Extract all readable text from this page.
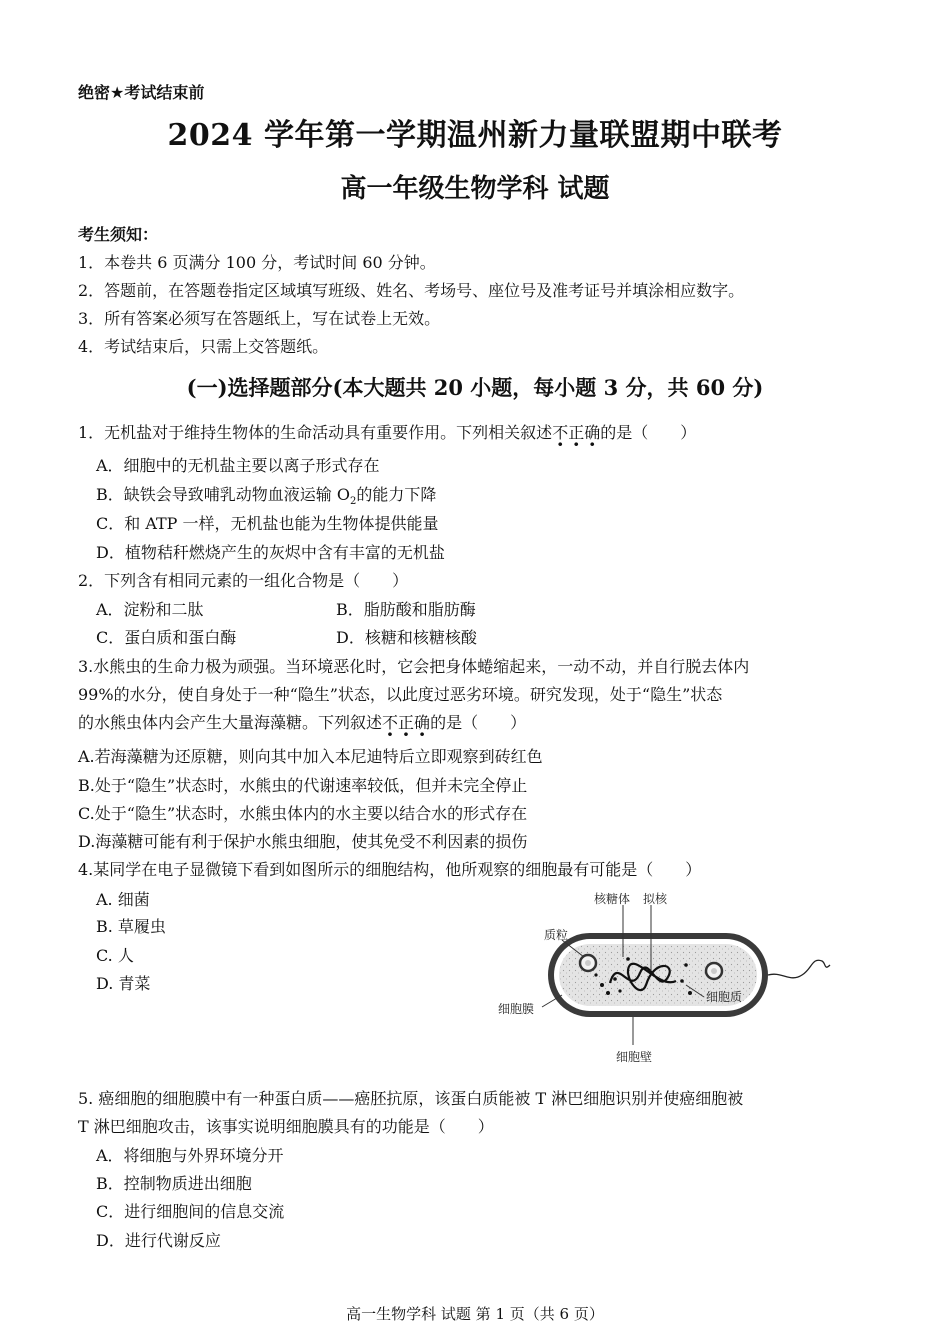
绝密★考试结束前
2024 学年第一学期温州新力量联盟期中联考
高一年级生物学科 试题
考生须知：
1．本卷共 6 页满分 100 分，考试时间 60 分钟。
2．答题前，在答题卷指定区域填写班级、姓名、考场号、座位号及准考证号并填涂相应数字。
3．所有答案必须写在答题纸上，写在试卷上无效。
4．考试结束后，只需上交答题纸。
(一)选择题部分(本大题共 20 小题，每小题 3 分，共 60 分)
1．无机盐对于维持生物体的生命活动具有重要作用。下列相关叙述不正确的是（　　）
A．细胞中的无机盐主要以离子形式存在
B．缺铁会导致哺乳动物血液运输 $O_2$的能力下降
C．和 ATP 一样，无机盐也能为生物体提供能量
D．植物秸秆燃烧产生的灰烬中含有丰富的无机盐
2．下列含有相同元素的一组化合物是（　　）
A．淀粉和二肽	B．脂肪酸和脂肪酶
C．蛋白质和蛋白酶	D．核糖和核糖核酸
3.水熊虫的生命力极为顽强。当环境恶化时，它会把身体蜷缩起来，一动不动，并自行脱去体内
99%的水分，使自身处于一种“隐生”状态，以此度过恶劣环境。研究发现，处于“隐生”状态
的水熊虫体内会产生大量海藻糖。下列叙述不正确的是（　　）
A.若海藻糖为还原糖，则向其中加入本尼迪特后立即观察到砖红色
B.处于“隐生”状态时，水熊虫的代谢速率较低，但并未完全停止
C.处于“隐生”状态时，水熊虫体内的水主要以结合水的形式存在
D.海藻糖可能有利于保护水熊虫细胞，使其免受不利因素的损伤
4.某同学在电子显微镜下看到如图所示的细胞结构，他所观察的细胞最有可能是（　　）
A. 细菌
B. 草履虫
C. 人
D. 青菜
核糖体 拟核
质粒
细胞膜
细胞质
细胞壁
5. 癌细胞的细胞膜中有一种蛋白质——癌胚抗原，该蛋白质能被 T 淋巴细胞识别并使癌细胞被
T 淋巴细胞攻击，该事实说明细胞膜具有的功能是（　　）
A．将细胞与外界环境分开
B．控制物质进出细胞
C．进行细胞间的信息交流
D．进行代谢反应
高一生物学科 试题 第 1 页（共 6 页）
